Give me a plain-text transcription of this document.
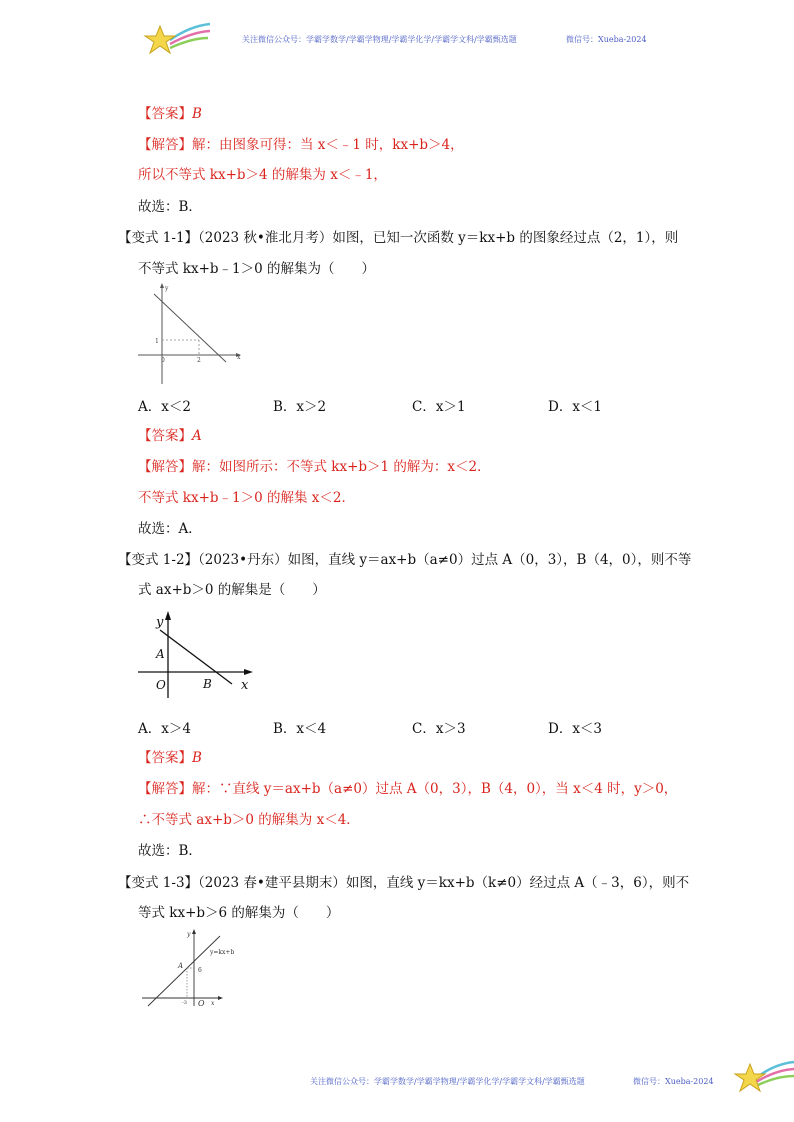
关注微信公众号：学霸学数学/学霸学物理/学霸学化学/学霸学文科/学霸甄选题	微信号：Xueba-2024
【答案】B
【解答】解：由图象可得：当 x＜﹣1 时，kx+b＞4，
所以不等式 kx+b＞4 的解集为 x＜﹣1，
故选：B．
【变式 1-1】（2023 秋•淮北月考）如图，已知一次函数 y＝kx+b 的图象经过点（2，1），则
不等式 kx+b﹣1＞0 的解集为（　　）
y
x
0
1
2
A．x＜2	B．x＞2	C．x＞1	D．x＜1
【答案】A
【解答】解：如图所示：不等式 kx+b＞1 的解为：x＜2．
不等式 kx+b﹣1＞0 的解集 x＜2．
故选：A．
【变式 1-2】（2023•丹东）如图，直线 y＝ax+b（a≠0）过点 A（0，3），B（4，0），则不等
式 ax+b＞0 的解集是（　　）
y
x
O
A
B
A．x＞4	B．x＜4	C．x＞3	D．x＜3
【答案】B
【解答】解：∵直线 y＝ax+b（a≠0）过点 A（0，3），B（4，0），当 x＜4 时，y＞0，
∴不等式 ax+b＞0 的解集为 x＜4．
故选：B．
【变式 1-3】（2023 春•建平县期末）如图，直线 y＝kx+b（k≠0）经过点 A（﹣3，6），则不
等式 kx+b＞6 的解集为（　　）
y
x
O
A
6
-3
y=kx+b
关注微信公众号：学霸学数学/学霸学物理/学霸学化学/学霸学文科/学霸甄选题	微信号：Xueba-2024
